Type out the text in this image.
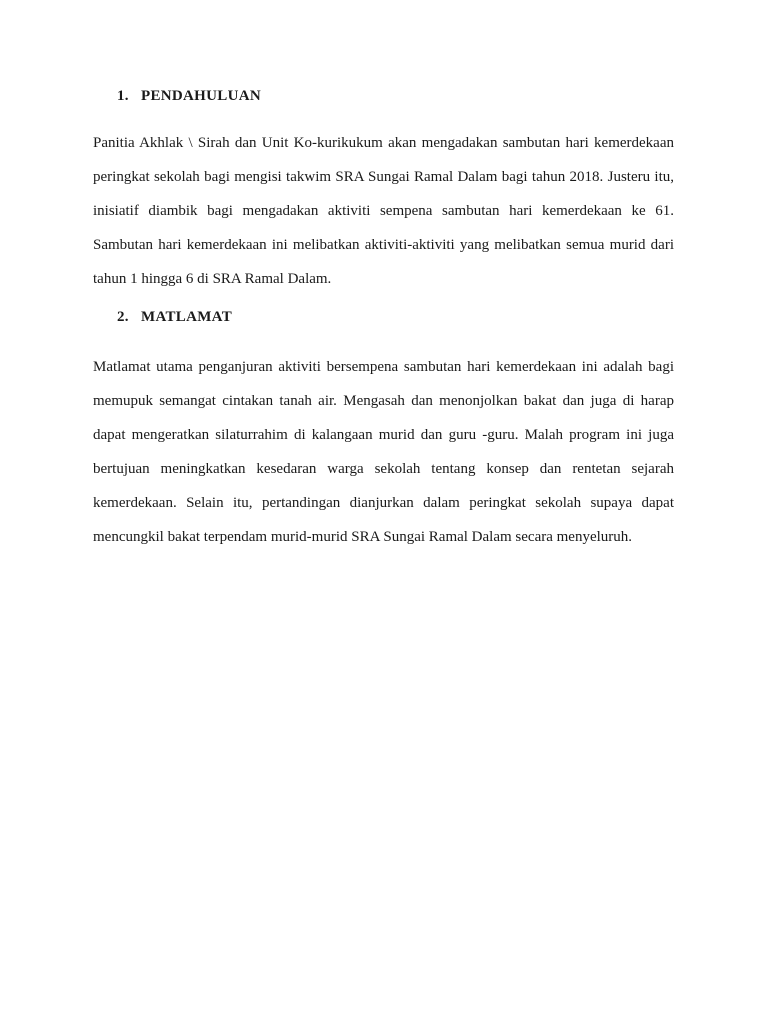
1. PENDAHULUAN

Panitia Akhlak \ Sirah dan Unit Ko-kurikukum akan mengadakan sambutan hari kemerdekaan peringkat sekolah bagi mengisi takwim SRA Sungai Ramal Dalam bagi tahun 2018. Justeru itu, inisiatif diambik bagi mengadakan aktiviti sempena sambutan hari kemerdekaan ke 61. Sambutan hari kemerdekaan ini melibatkan aktiviti-aktiviti yang melibatkan semua murid dari tahun 1 hingga 6 di SRA Ramal Dalam.

2. MATLAMAT

Matlamat utama penganjuran aktiviti bersempena sambutan hari kemerdekaan ini adalah bagi memupuk semangat cintakan tanah air. Mengasah dan menonjolkan bakat dan juga di harap dapat mengeratkan silaturrahim di kalangaan murid dan guru -guru. Malah program ini juga bertujuan meningkatkan kesedaran warga sekolah tentang konsep dan rentetan sejarah kemerdekaan. Selain itu, pertandingan dianjurkan dalam peringkat sekolah supaya dapat mencungkil bakat terpendam murid-murid SRA Sungai Ramal Dalam secara menyeluruh.
